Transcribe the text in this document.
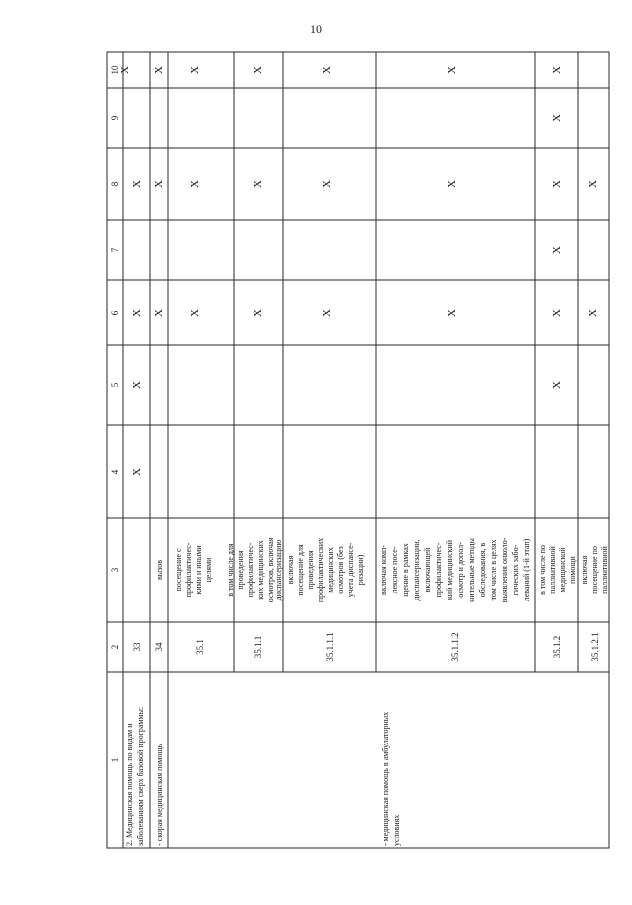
10
1
2
3
4
5
6
7
8
9
10
2. Медицинская помощь по видам и заболеваниям сверх базовой программы:
33
X
X
X
X
X
- скорая медицинская помощь
34
вызов
X
X
X
- медицинская помощь в амбулаторных условиях
35.1
посещение с профилактичес- кими и иными целями
X
X
X
35.1.1
в том числе для проведения профилактичес- ких медицинских осмотров, включая диспансеризацию
X
X
X
35.1.1.1
включая посещение для проведения профилактических медицинских осмотров (без учета диспансе- ризации)
X
X
X
35.1.1.2
включая комп- лексное посе- щение в рамках диспансеризации, включающей профилактичес- кий медицинский осмотр и допол- нительные методы обследования, в том числе в целях выявления онколо- гических забо- леваний (1-й этап)
X
X
X
35.1.2
в том числе по паллиативной медицинской помощи
X
X
X
X
X
X
35.1.2.1
включая посещение по паллиативной
X
X
